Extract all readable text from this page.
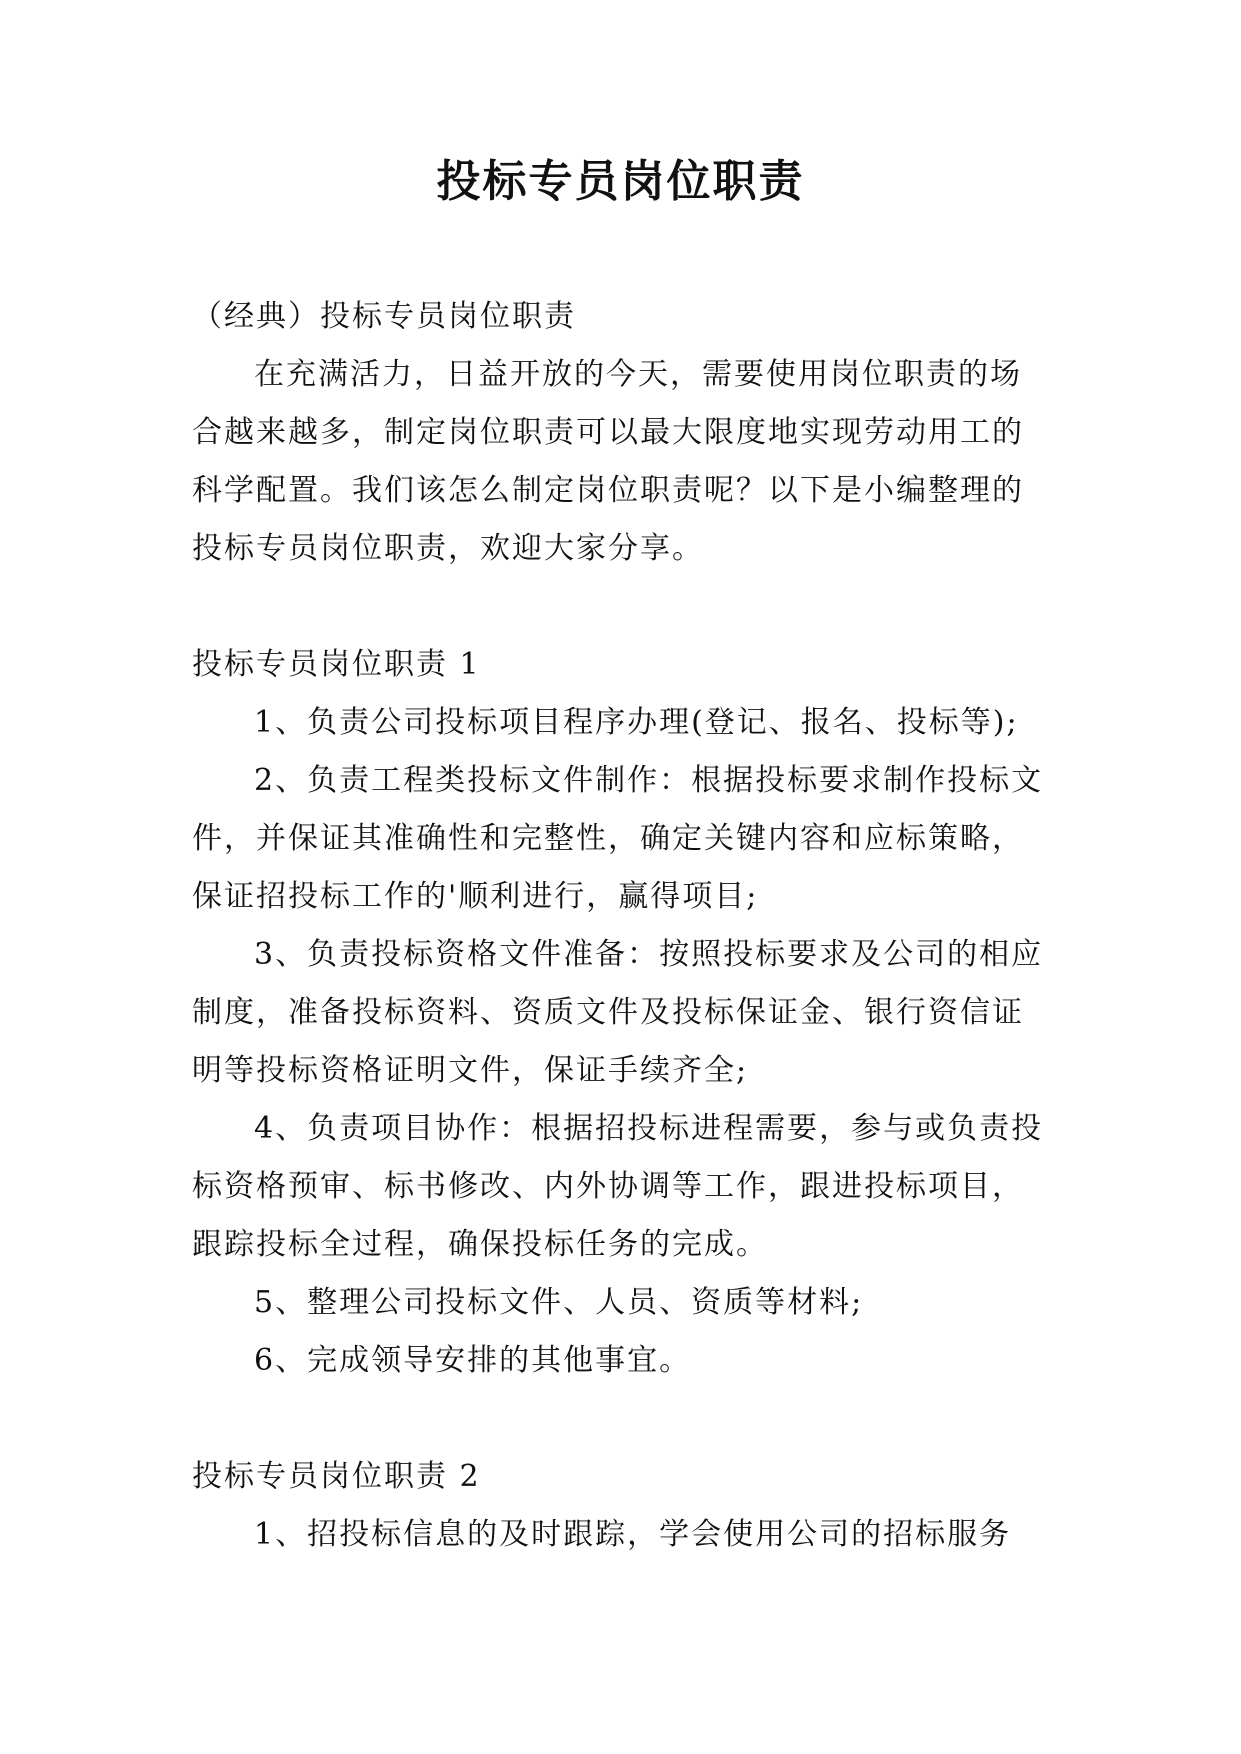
投标专员岗位职责

（经典）投标专员岗位职责

在充满活力，日益开放的今天，需要使用岗位职责的场合越来越多，制定岗位职责可以最大限度地实现劳动用工的科学配置。我们该怎么制定岗位职责呢？以下是小编整理的投标专员岗位职责，欢迎大家分享。

投标专员岗位职责 1

1、负责公司投标项目程序办理(登记、报名、投标等);

2、负责工程类投标文件制作：根据投标要求制作投标文件，并保证其准确性和完整性，确定关键内容和应标策略，保证招投标工作的'顺利进行，赢得项目;

3、负责投标资格文件准备：按照投标要求及公司的相应制度，准备投标资料、资质文件及投标保证金、银行资信证明等投标资格证明文件，保证手续齐全;

4、负责项目协作：根据招投标进程需要，参与或负责投标资格预审、标书修改、内外协调等工作，跟进投标项目，跟踪投标全过程，确保投标任务的完成。

5、整理公司投标文件、人员、资质等材料;

6、完成领导安排的其他事宜。

投标专员岗位职责 2

1、招投标信息的及时跟踪，学会使用公司的招标服务
